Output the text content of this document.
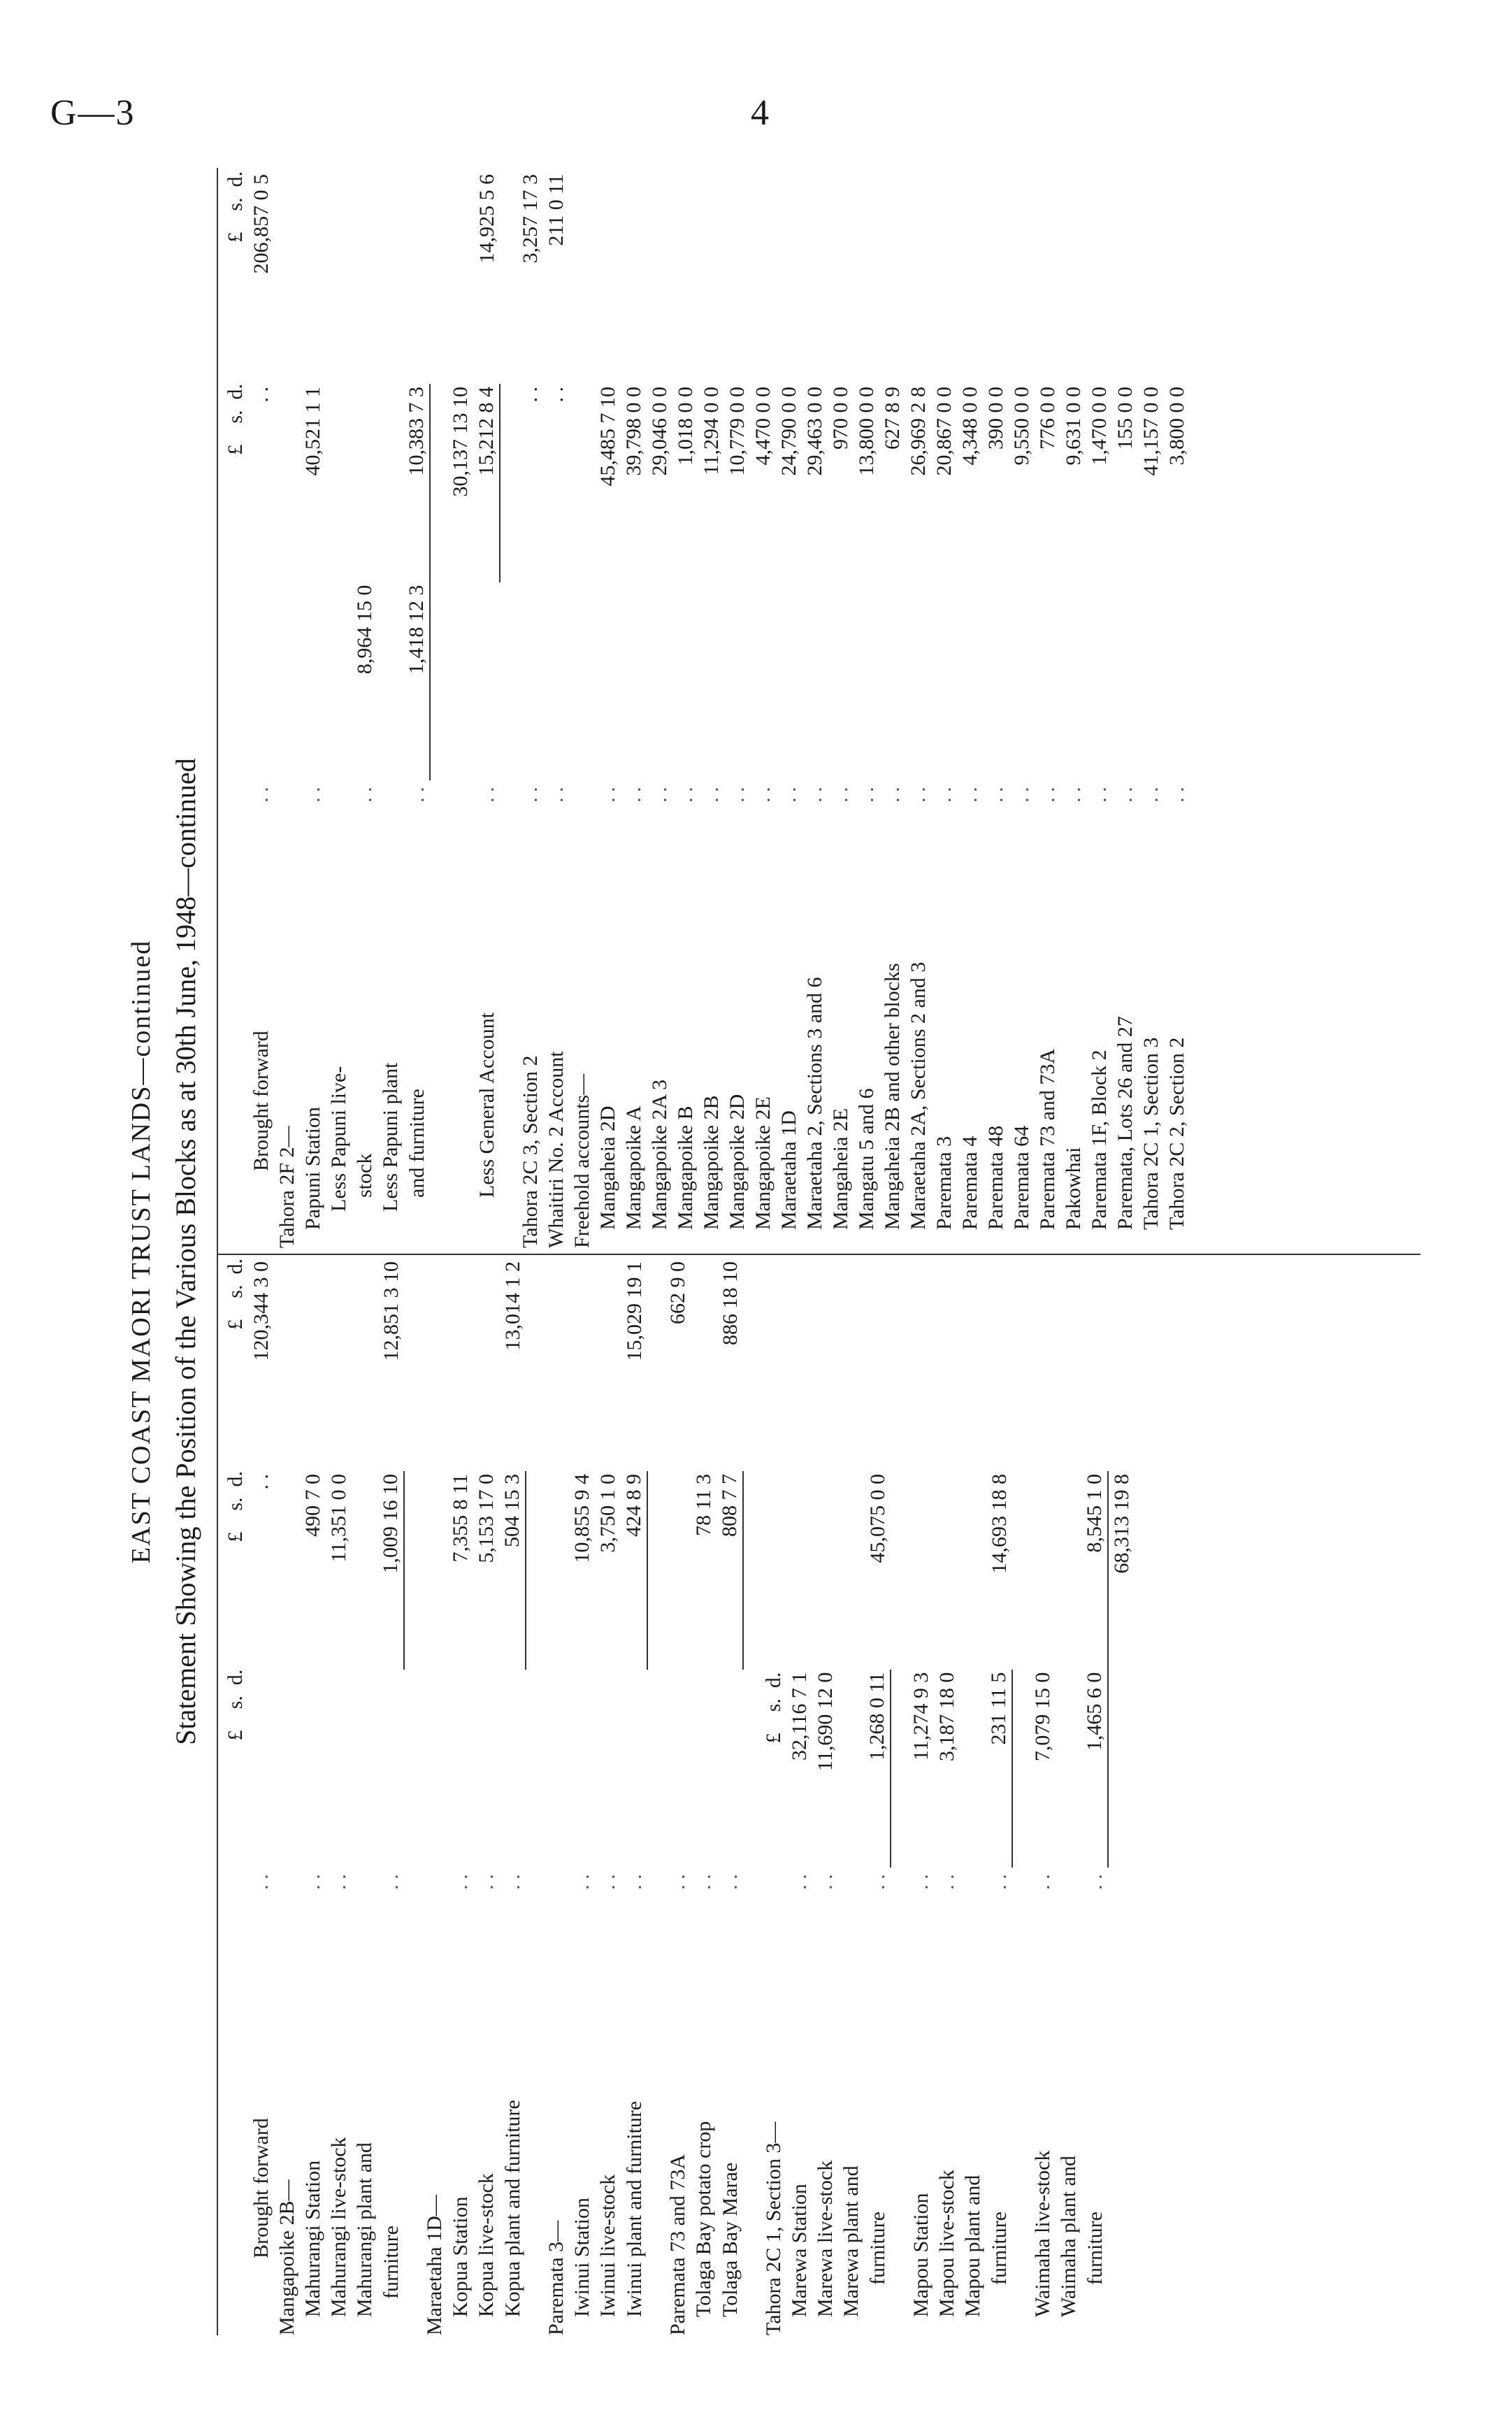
G—3	4
EAST COAST MAORI TRUST LANDS—continued Statement Showing the Position of the Various Blocks as at 30th June, 1948—continued
		£    s.  d.	£    s.  d.	£    s.  d.
Brought forward	. .		. .	120,344 3 0
Mangapoike 2B—				
Mahurangi Station	. .		490 7 0	
Mahurangi live-stock	. .		11,351 0 0	
Mahurangi plant and				
furniture	. .		1,009 16 10	12,851 3 10

Maraetaha 1D—				
Kopua Station	. .		7,355 8 11	
Kopua live-stock	. .		5,153 17 0	
Kopua plant and furniture	. .		504 15 3	13,014 1 2

Paremata 3—				
Iwinui Station	. .		10,855 9 4	
Iwinui live-stock	. .		3,750 1 0	
Iwinui plant and furniture	. .		424 8 9	15,029 19 1

Paremata 73 and 73A	. .			662 9 0
Tolaga Bay potato crop	. .		78 11 3	
Tolaga Bay Marae	. .		808 7 7	886 18 10

Tahora 2C 1, Section 3—		£    s.  d.		
Marewa Station	. .	32,116 7 1		
Marewa live-stock	. .	11,690 12 0		
Marewa plant and				
furniture	. .	1,268 0 11	45,075 0 0	

Mapou Station	. .	11,274 9 3		
Mapou live-stock	. .	3,187 18 0		
Mapou plant and				
furniture	. .	231 11 5	14,693 18 8	

Waimaha live-stock	. .	7,079 15 0		
Waimaha plant and				
furniture	. .	1,465 6 0	8,545 1 0	
			68,313 19 8	
			£    s.  d.	£    s.  d.
Brought forward	. .		. .	206,857 0 5
Tahora 2F 2—				
Papuni Station	. .		40,521 1 1	
Less Papuni live-				
stock	. .	8,964 15 0		
Less Papuni plant				
and furniture	. .	1,418 12 3	10,383 7 3	

			30,137 13 10	
Less General Account	. .		15,212 8 4	14,925 5 6

Tahora 2C 3, Section 2	. .		. .	3,257 17 3
Whaitiri No. 2 Account	. .		. .	211 0 11
Freehold accounts—				
Mangaheia 2D	. .		45,485 7 10	
Mangapoike A	. .		39,798 0 0	
Mangapoike 2A 3	. .		29,046 0 0	
Mangapoike B	. .		1,018 0 0	
Mangapoike 2B	. .		11,294 0 0	
Mangapoike 2D	. .		10,779 0 0	
Mangapoike 2E	. .		4,470 0 0	
Maraetaha 1D	. .		24,790 0 0	
Maraetaha 2, Sections 3 and 6	. .		29,463 0 0	
Mangaheia 2E	. .		970 0 0	
Mangatu 5 and 6	. .		13,800 0 0	
Mangaheia 2B and other blocks	. .		627 8 9	
Maraetaha 2A, Sections 2 and 3	. .		26,969 2 8	
Paremata 3	. .		20,867 0 0	
Paremata 4	. .		4,348 0 0	
Paremata 48	. .		390 0 0	
Paremata 64	. .		9,550 0 0	
Paremata 73 and 73A	. .		776 0 0	
Pakowhai	. .		9,631 0 0	
Paremata 1F, Block 2	. .		1,470 0 0	
Paremata, Lots 26 and 27	. .		155 0 0	
Tahora 2C 1, Section 3	. .		41,157 0 0	
Tahora 2C 2, Section 2	. .		3,800 0 0	
